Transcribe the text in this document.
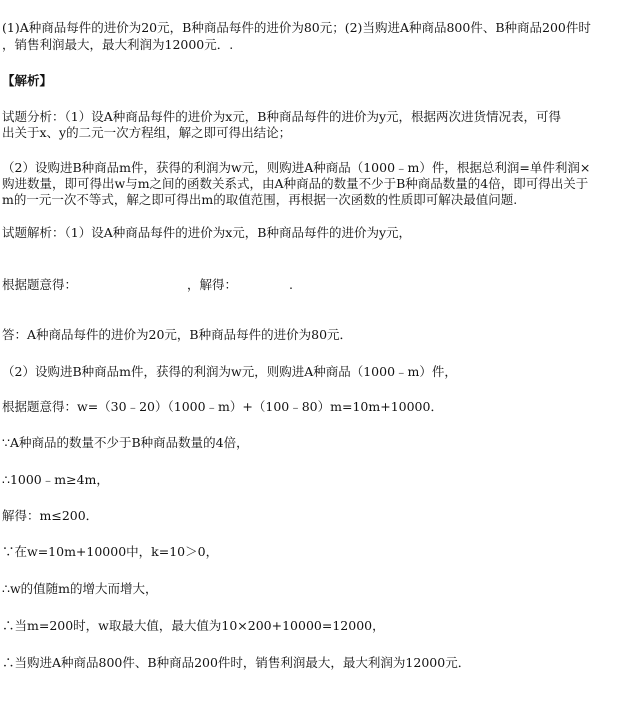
(1)A种商品每件的进价为20元，B种商品每件的进价为80元；(2)当购进A种商品800件、B种商品200件时
，销售利润最大，最大利润为12000元．.
【解析】
试题分析：（1）设A种商品每件的进价为x元，B种商品每件的进价为y元，根据两次进货情况表，可得
出关于x、y的二元一次方程组，解之即可得出结论；
（2）设购进B种商品m件，获得的利润为w元，则购进A种商品（1000﹣m）件，根据总利润=单件利润×
购进数量，即可得出w与m之间的函数关系式，由A种商品的数量不少于B种商品数量的4倍，即可得出关于
m的一元一次不等式，解之即可得出m的取值范围，再根据一次函数的性质即可解决最值问题.
试题解析：（1）设A种商品每件的进价为x元，B种商品每件的进价为y元，
根据题意得：	，解得：	.
答：A种商品每件的进价为20元，B种商品每件的进价为80元．
（2）设购进B种商品m件，获得的利润为w元，则购进A种商品（1000﹣m）件，
根据题意得：w=（30﹣20）（1000﹣m）+（100﹣80）m=10m+10000．
∵A种商品的数量不少于B种商品数量的4倍，
∴1000﹣m≥4m，
解得：m≤200．
∵在w=10m+10000中，k=10＞0，
∴w的值随m的增大而增大，
∴当m=200时，w取最大值，最大值为10×200+10000=12000，
∴当购进A种商品800件、B种商品200件时，销售利润最大，最大利润为12000元．
